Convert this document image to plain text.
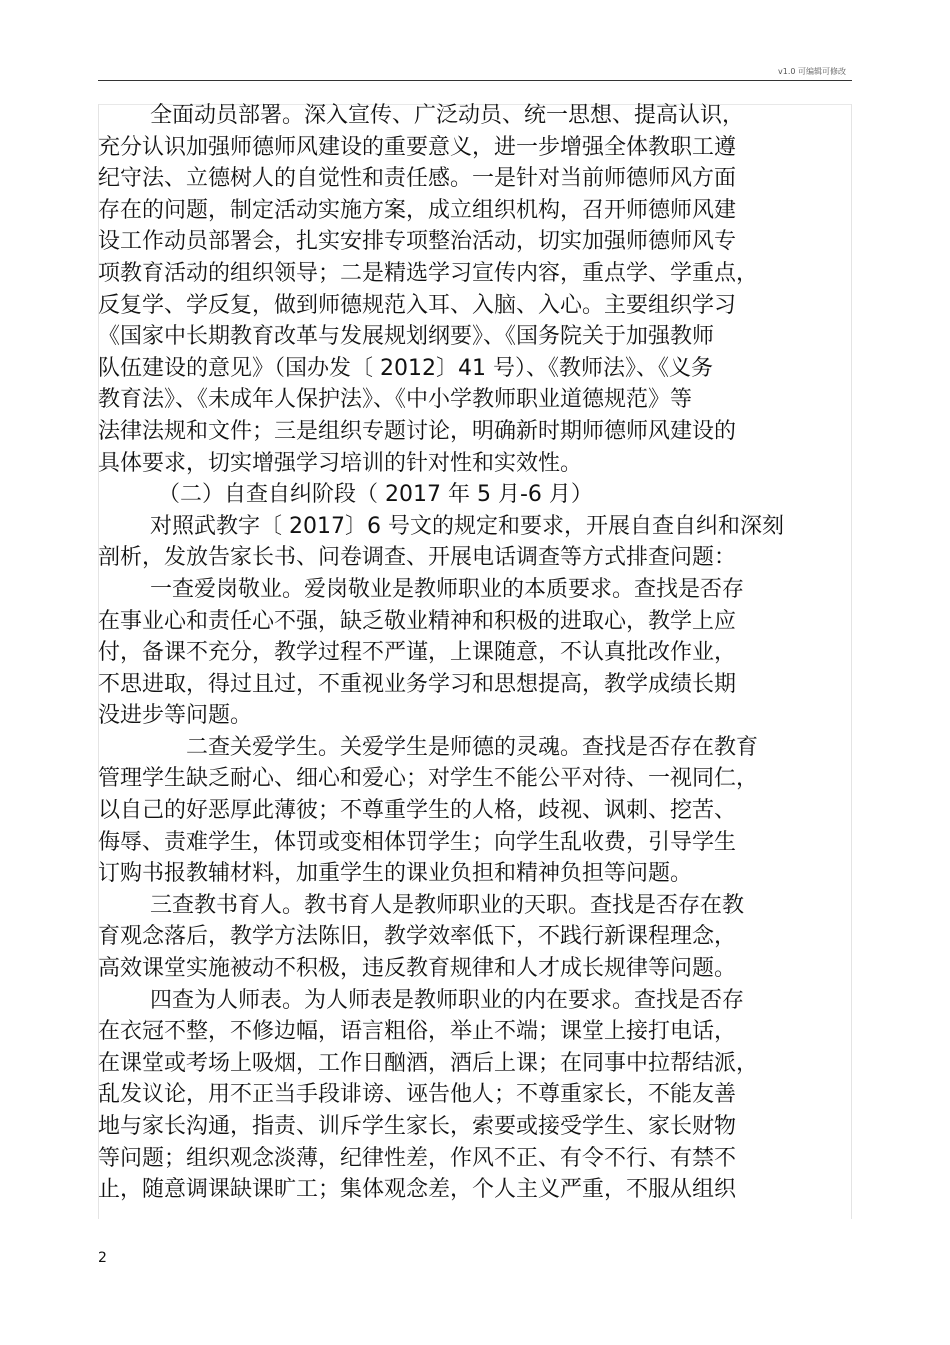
v1.0 可编辑可修改
全面动员部署。深入宣传、广泛动员、统一思想、提高认识，
充分认识加强师德师风建设的重要意义，进一步增强全体教职工遵
纪守法、立德树人的自觉性和责任感。一是针对当前师德师风方面
存在的问题，制定活动实施方案，成立组织机构，召开师德师风建
设工作动员部署会，扎实安排专项整治活动，切实加强师德师风专
项教育活动的组织领导；二是精选学习宣传内容，重点学、学重点，
反复学、学反复，做到师德规范入耳、入脑、入心。主要组织学习
《国家中长期教育改革与发展规划纲要》、《国务院关于加强教师
队伍建设的意见》（国办发〔 2012〕41 号）、《教师法》、《义务
教育法》、《未成年人保护法》、《中小学教师职业道德规范》等
法律法规和文件；三是组织专题讨论，明确新时期师德师风建设的
具体要求，切实增强学习培训的针对性和实效性。
（二）自查自纠阶段（ 2017 年 5 月-6 月）
对照武教字〔 2017〕6 号文的规定和要求，开展自查自纠和深刻
剖析，发放告家长书、问卷调查、开展电话调查等方式排查问题：
一查爱岗敬业。爱岗敬业是教师职业的本质要求。查找是否存
在事业心和责任心不强，缺乏敬业精神和积极的进取心，教学上应
付，备课不充分，教学过程不严谨，上课随意，不认真批改作业，
不思进取，得过且过，不重视业务学习和思想提高，教学成绩长期
没进步等问题。
二查关爱学生。关爱学生是师德的灵魂。查找是否存在教育
管理学生缺乏耐心、细心和爱心；对学生不能公平对待、一视同仁，
以自己的好恶厚此薄彼；不尊重学生的人格，歧视、讽刺、挖苦、
侮辱、责难学生，体罚或变相体罚学生；向学生乱收费，引导学生
订购书报教辅材料，加重学生的课业负担和精神负担等问题。
三查教书育人。教书育人是教师职业的天职。查找是否存在教
育观念落后，教学方法陈旧，教学效率低下，不践行新课程理念，
高效课堂实施被动不积极，违反教育规律和人才成长规律等问题。
四查为人师表。为人师表是教师职业的内在要求。查找是否存
在衣冠不整，不修边幅，语言粗俗，举止不端；课堂上接打电话，
在课堂或考场上吸烟，工作日酗酒，酒后上课；在同事中拉帮结派，
乱发议论，用不正当手段诽谤、诬告他人；不尊重家长，不能友善
地与家长沟通，指责、训斥学生家长，索要或接受学生、家长财物
等问题；组织观念淡薄，纪律性差，作风不正、有令不行、有禁不
止，随意调课缺课旷工；集体观念差，个人主义严重，不服从组织
2
